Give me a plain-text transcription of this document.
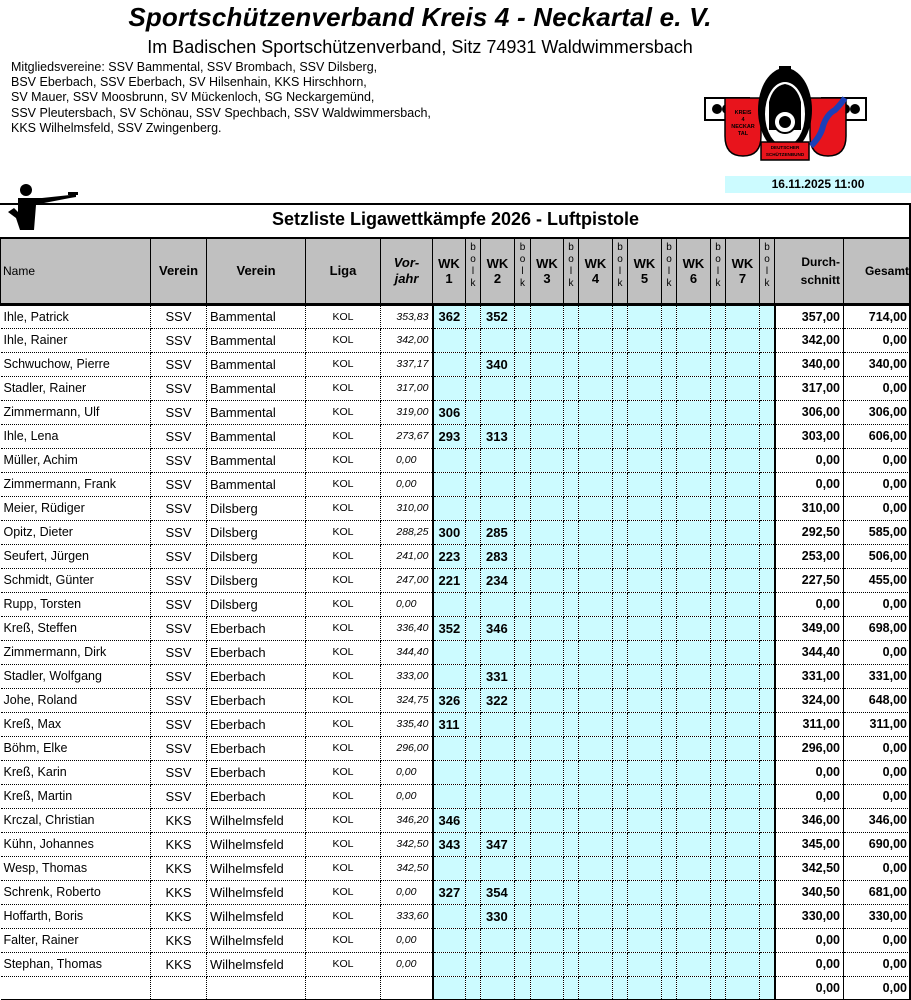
Sportschützenverband Kreis 4 - Neckartal e. V.
Im Badischen Sportschützenverband, Sitz 74931 Waldwimmersbach
Mitgliedsvereine: SSV Bammental, SSV Brombach, SSV Dilsberg,
BSV Eberbach, SSV Eberbach, SV Hilsenhain, KKS Hirschhorn,
SV Mauer, SSV Moosbrunn, SV Mückenloch, SG Neckargemünd,
SSV Pleutersbach, SV Schönau, SSV Spechbach, SSV Waldwimmersbach,
KKS Wilhelmsfeld, SSV Zwingenberg.
KREIS
4
NECKAR
TAL
DEUTSCHER
SCHÜTZENBUND
16.11.2025 11:00
Setzliste Ligawettkämpfe 2026 - Luftpistole
Name	Verein	Verein	Liga	Vor-
jahr	WK
1	b
o
l
k	WK
2	b
o
l
k	WK
3	b
o
l
k	WK
4	b
o
l
k	WK
5	b
o
l
k	WK
6	b
o
l
k	WK
7	b
o
l
k	Durch-
schnitt	Gesamt
Ihle, Patrick	SSV	Bammental	KOL	353,83	362		352												357,00	714,00
Ihle, Rainer	SSV	Bammental	KOL	342,00															342,00	0,00
Schwuchow, Pierre	SSV	Bammental	KOL	337,17			340												340,00	340,00
Stadler, Rainer	SSV	Bammental	KOL	317,00															317,00	0,00
Zimmermann, Ulf	SSV	Bammental	KOL	319,00	306														306,00	306,00
Ihle, Lena	SSV	Bammental	KOL	273,67	293		313												303,00	606,00
Müller, Achim	SSV	Bammental	KOL	0,00															0,00	0,00
Zimmermann, Frank	SSV	Bammental	KOL	0,00															0,00	0,00
Meier, Rüdiger	SSV	Dilsberg	KOL	310,00															310,00	0,00
Opitz, Dieter	SSV	Dilsberg	KOL	288,25	300		285												292,50	585,00
Seufert, Jürgen	SSV	Dilsberg	KOL	241,00	223		283												253,00	506,00
Schmidt, Günter	SSV	Dilsberg	KOL	247,00	221		234												227,50	455,00
Rupp, Torsten	SSV	Dilsberg	KOL	0,00															0,00	0,00
Kreß, Steffen	SSV	Eberbach	KOL	336,40	352		346												349,00	698,00
Zimmermann, Dirk	SSV	Eberbach	KOL	344,40															344,40	0,00
Stadler, Wolfgang	SSV	Eberbach	KOL	333,00			331												331,00	331,00
Johe, Roland	SSV	Eberbach	KOL	324,75	326		322												324,00	648,00
Kreß, Max	SSV	Eberbach	KOL	335,40	311														311,00	311,00
Böhm, Elke	SSV	Eberbach	KOL	296,00															296,00	0,00
Kreß, Karin	SSV	Eberbach	KOL	0,00															0,00	0,00
Kreß, Martin	SSV	Eberbach	KOL	0,00															0,00	0,00
Krczal, Christian	KKS	Wilhelmsfeld	KOL	346,20	346														346,00	346,00
Kühn, Johannes	KKS	Wilhelmsfeld	KOL	342,50	343		347												345,00	690,00
Wesp, Thomas	KKS	Wilhelmsfeld	KOL	342,50															342,50	0,00
Schrenk, Roberto	KKS	Wilhelmsfeld	KOL	0,00	327		354												340,50	681,00
Hoffarth, Boris	KKS	Wilhelmsfeld	KOL	333,60			330												330,00	330,00
Falter, Rainer	KKS	Wilhelmsfeld	KOL	0,00															0,00	0,00
Stephan, Thomas	KKS	Wilhelmsfeld	KOL	0,00															0,00	0,00
																			0,00	0,00
